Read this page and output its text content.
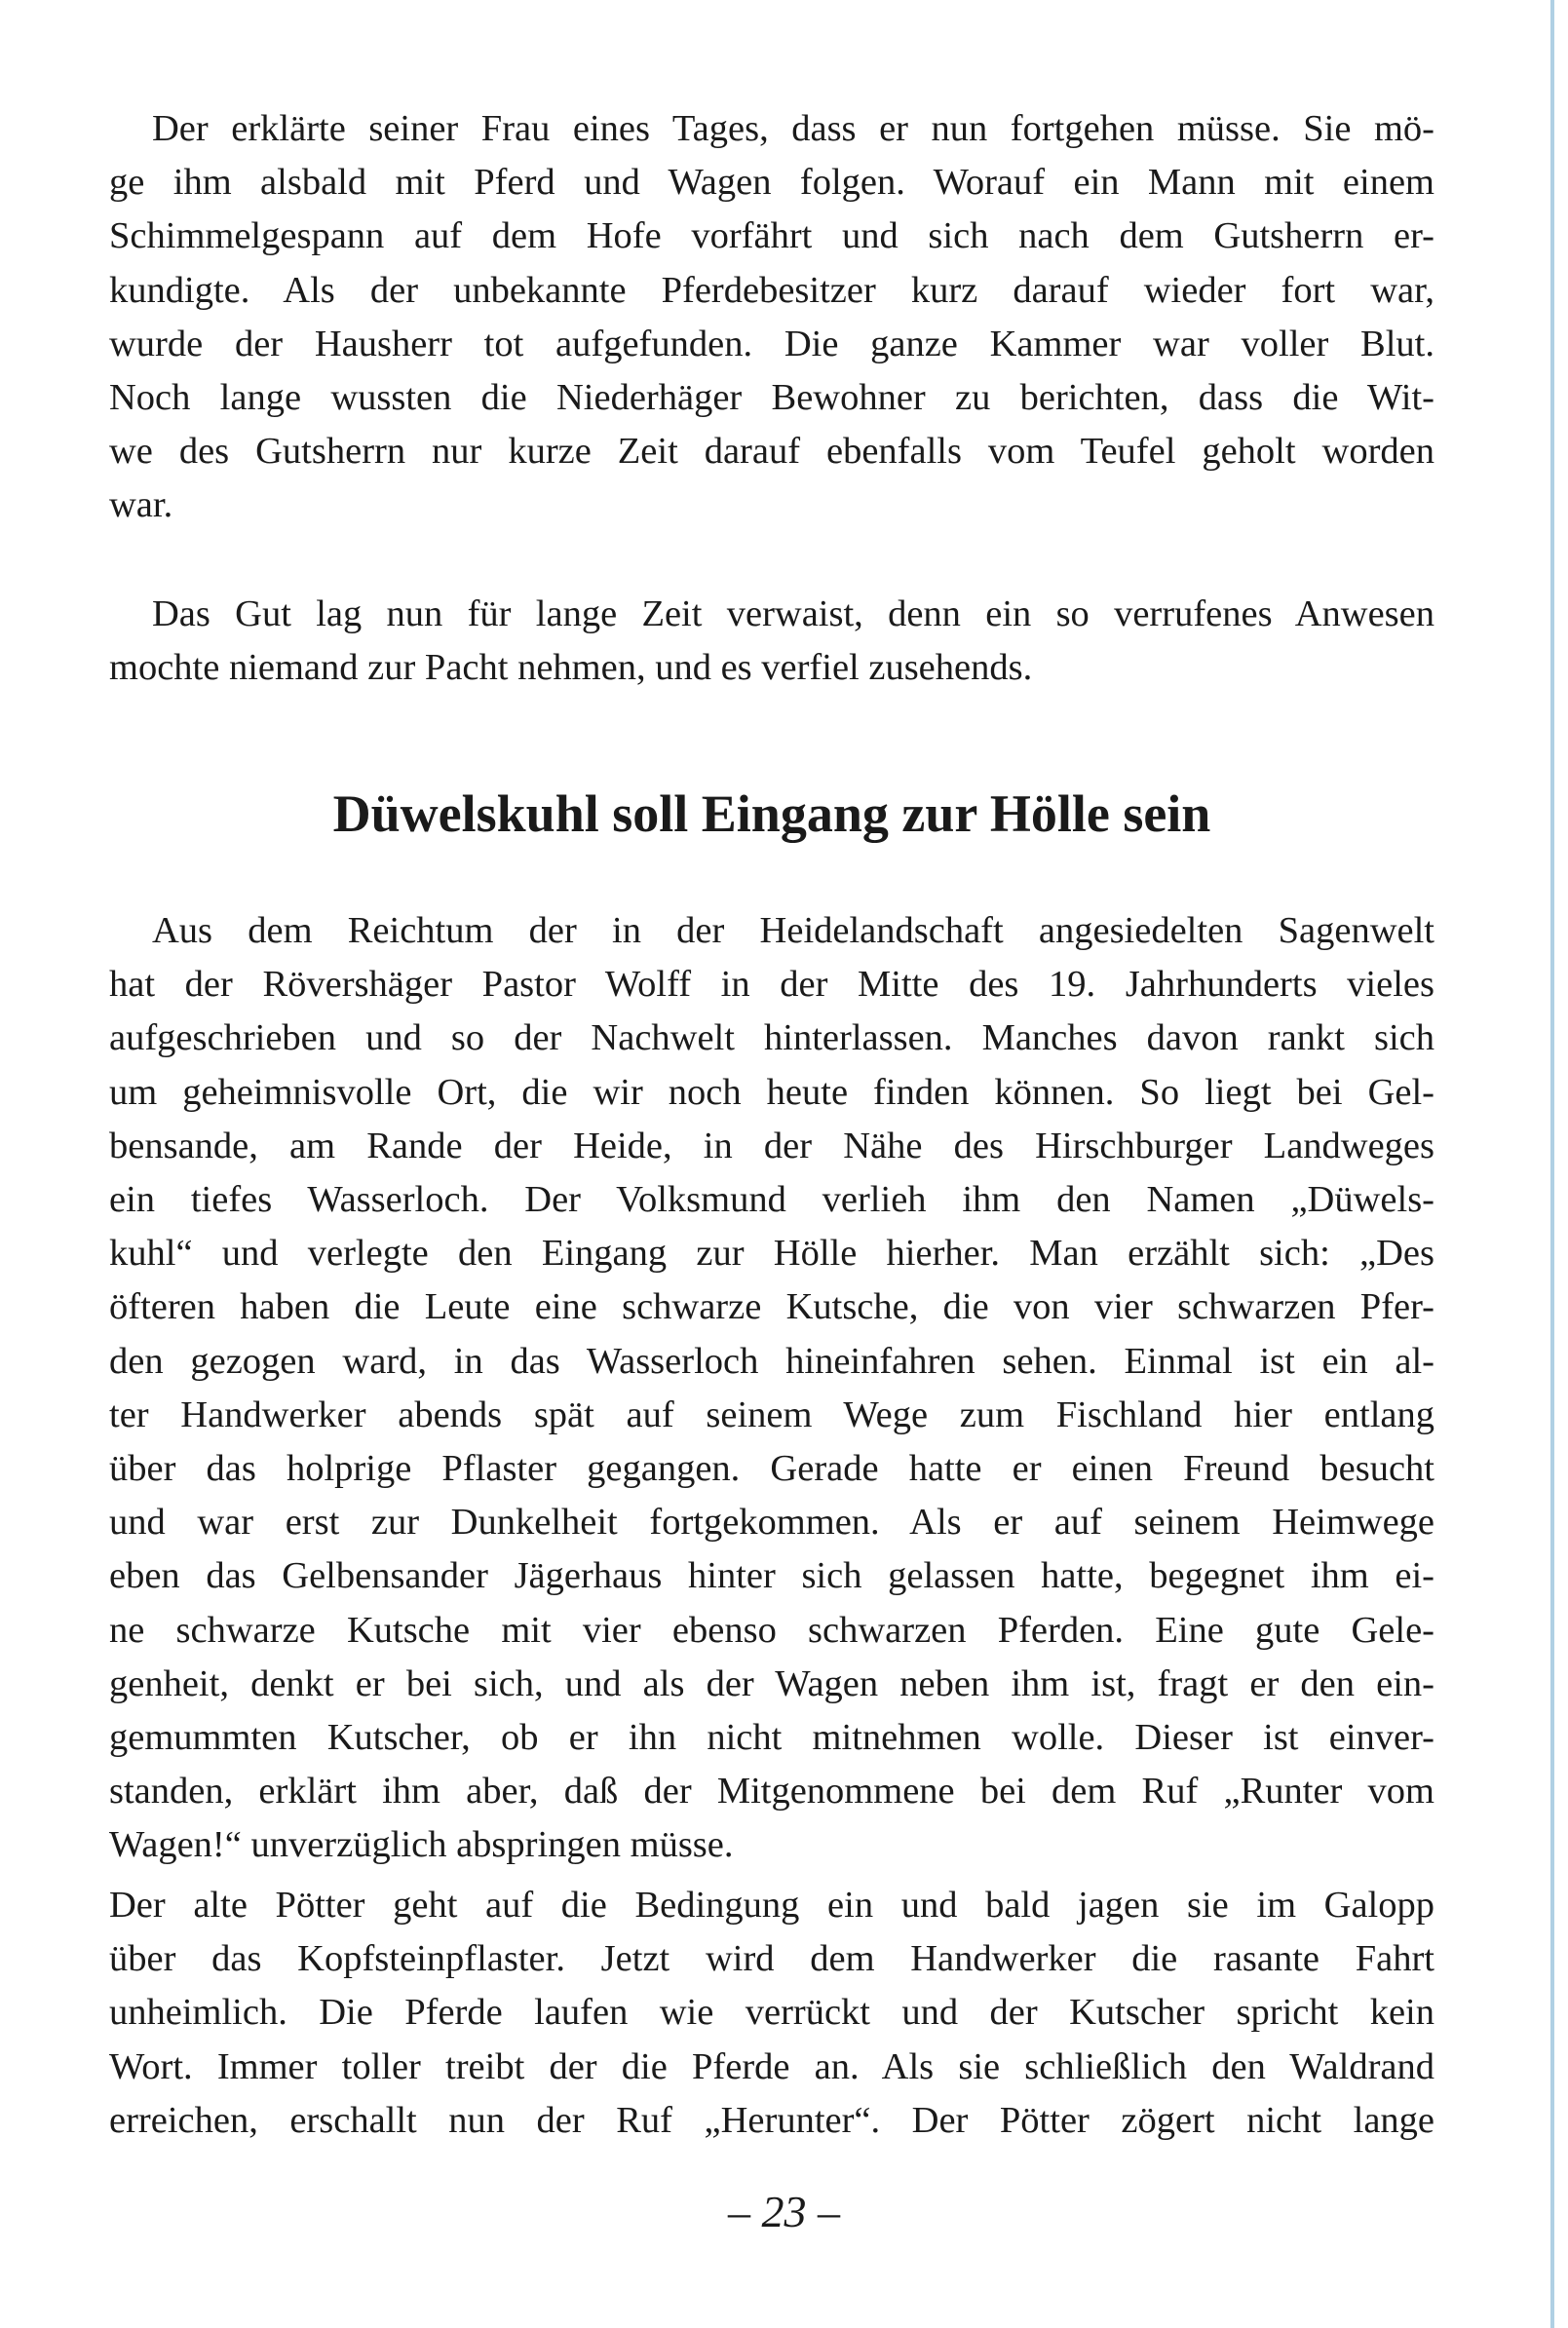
Der erklärte seiner Frau eines Tages, dass er nun fortgehen müsse. Sie mö-
ge ihm alsbald mit Pferd und Wagen folgen. Worauf ein Mann mit einem
Schimmelgespann auf dem Hofe vorfährt und sich nach dem Gutsherrn er-
kundigte. Als der unbekannte Pferdebesitzer kurz darauf wieder fort war,
wurde der Hausherr tot aufgefunden. Die ganze Kammer war voller Blut.
Noch lange wussten die Niederhäger Bewohner zu berichten, dass die Wit-
we des Gutsherrn nur kurze Zeit darauf ebenfalls vom Teufel geholt worden
war.
Das Gut lag nun für lange Zeit verwaist, denn ein so verrufenes Anwesen
mochte niemand zur Pacht nehmen, und es verfiel zusehends.
Düwelskuhl soll Eingang zur Hölle sein
Aus dem Reichtum der in der Heidelandschaft angesiedelten Sagenwelt
hat der Rövershäger Pastor Wolff in der Mitte des 19. Jahrhunderts vieles
aufgeschrieben und so der Nachwelt hinterlassen. Manches davon rankt sich
um geheimnisvolle Ort, die wir noch heute finden können. So liegt bei Gel-
bensande, am Rande der Heide, in der Nähe des Hirschburger Landweges
ein tiefes Wasserloch. Der Volksmund verlieh ihm den Namen „Düwels-
kuhl“ und verlegte den Eingang zur Hölle hierher. Man erzählt sich: „Des
öfteren haben die Leute eine schwarze Kutsche, die von vier schwarzen Pfer-
den gezogen ward, in das Wasserloch hineinfahren sehen. Einmal ist ein al-
ter Handwerker abends spät auf seinem Wege zum Fischland hier entlang
über das holprige Pflaster gegangen. Gerade hatte er einen Freund besucht
und war erst zur Dunkelheit fortgekommen. Als er auf seinem Heimwege
eben das Gelbensander Jägerhaus hinter sich gelassen hatte, begegnet ihm ei-
ne schwarze Kutsche mit vier ebenso schwarzen Pferden. Eine gute Gele-
genheit, denkt er bei sich, und als der Wagen neben ihm ist, fragt er den ein-
gemummten Kutscher, ob er ihn nicht mitnehmen wolle. Dieser ist einver-
standen, erklärt ihm aber, daß der Mitgenommene bei dem Ruf „Runter vom
Wagen!“ unverzüglich abspringen müsse.
Der alte Pötter geht auf die Bedingung ein und bald jagen sie im Galopp
über das Kopfsteinpflaster. Jetzt wird dem Handwerker die rasante Fahrt
unheimlich. Die Pferde laufen wie verrückt und der Kutscher spricht kein
Wort. Immer toller treibt der die Pferde an. Als sie schließlich den Waldrand
erreichen, erschallt nun der Ruf „Herunter“. Der Pötter zögert nicht lange
– 23 –
